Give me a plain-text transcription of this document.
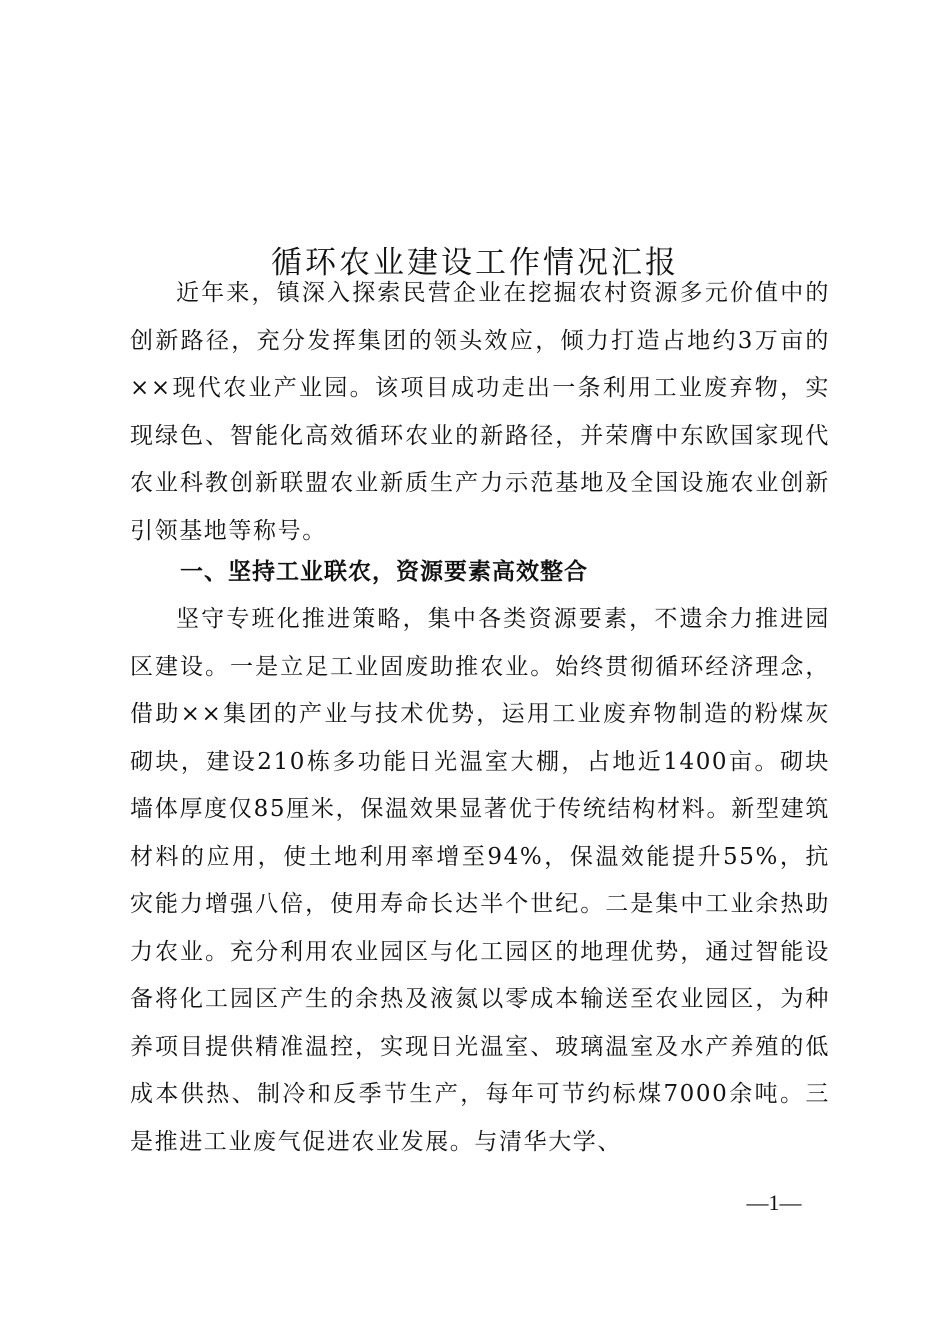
循环农业建设工作情况汇报

近年来，镇深入探索民营企业在挖掘农村资源多元价值中的创新路径，充分发挥集团的领头效应，倾力打造占地约3万亩的××现代农业产业园。该项目成功走出一条利用工业废弃物，实现绿色、智能化高效循环农业的新路径，并荣膺中东欧国家现代农业科教创新联盟农业新质生产力示范基地及全国设施农业创新引领基地等称号。

一、坚持工业联农，资源要素高效整合

坚守专班化推进策略，集中各类资源要素，不遗余力推进园区建设。一是立足工业固废助推农业。始终贯彻循环经济理念，借助××集团的产业与技术优势，运用工业废弃物制造的粉煤灰砌块，建设210栋多功能日光温室大棚，占地近1400亩。砌块墙体厚度仅85厘米，保温效果显著优于传统结构材料。新型建筑材料的应用，使土地利用率增至94%，保温效能提升55%，抗灾能力增强八倍，使用寿命长达半个世纪。二是集中工业余热助力农业。充分利用农业园区与化工园区的地理优势，通过智能设备将化工园区产生的余热及液氮以零成本输送至农业园区，为种养项目提供精准温控，实现日光温室、玻璃温室及水产养殖的低成本供热、制冷和反季节生产，每年可节约标煤7000余吨。三是推进工业废气促进农业发展。与清华大学、

—1—
